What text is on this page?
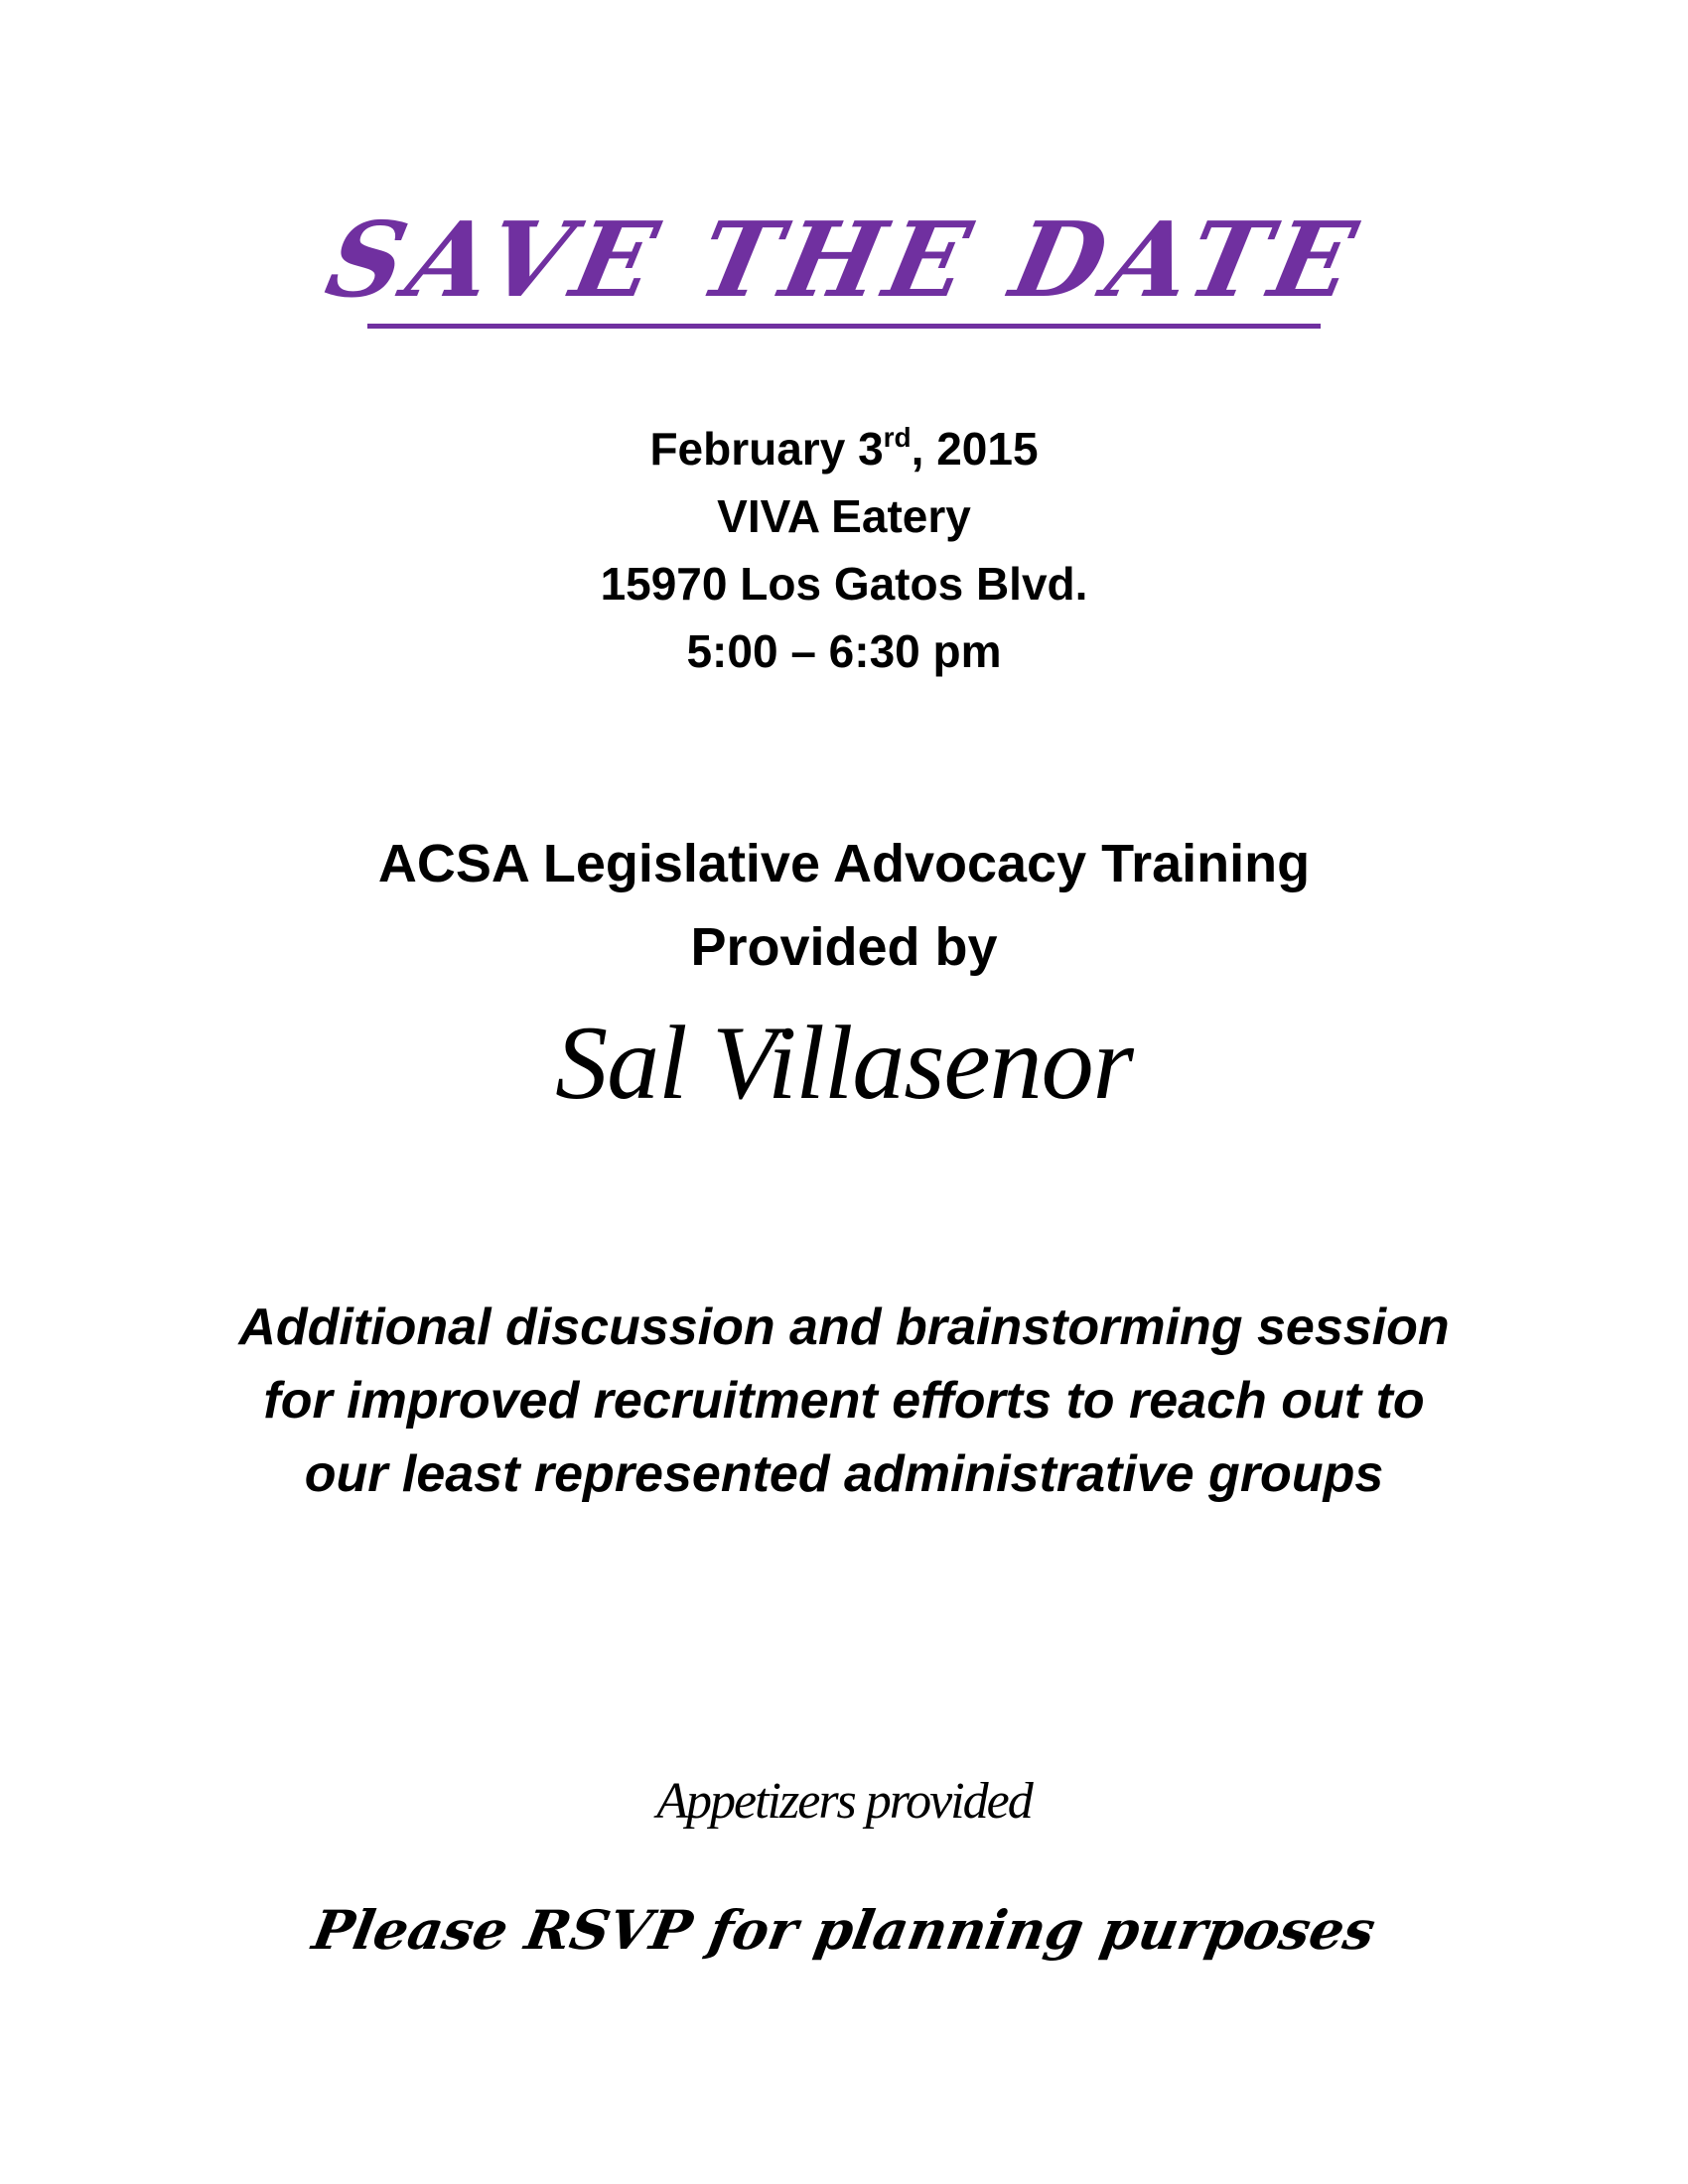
SAVE THE DATE
February 3rd, 2015
VIVA Eatery
15970 Los Gatos Blvd.
5:00 – 6:30 pm
ACSA Legislative Advocacy Training
Provided by
Sal Villasenor
Additional discussion and brainstorming session for improved recruitment efforts to reach out to our least represented administrative groups
Appetizers provided
Please RSVP for planning purposes
